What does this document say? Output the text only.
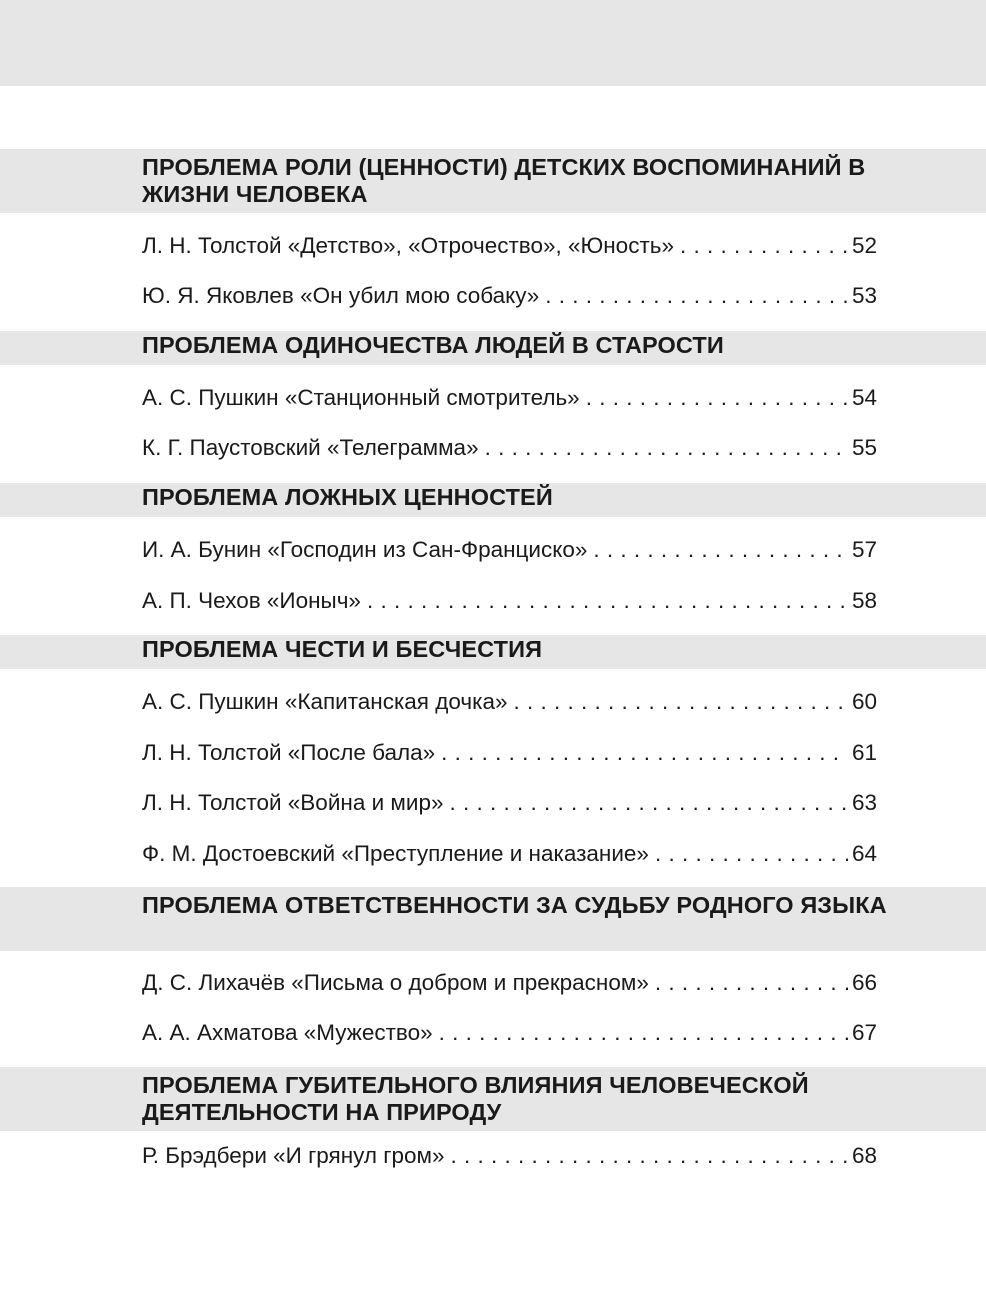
ПРОБЛЕМА РОЛИ (ЦЕННОСТИ) ДЕТСКИХ ВОСПОМИНАНИЙ В ЖИЗНИ ЧЕЛОВЕКА
Л. Н. Толстой «Детство», «Отрочество», «Юность» . . .	52
Ю. Я. Яковлев «Он убил мою собаку» . . .	53
ПРОБЛЕМА ОДИНОЧЕСТВА ЛЮДЕЙ В СТАРОСТИ
А. С. Пушкин «Станционный смотритель» . . .	54
К. Г. Паустовский «Телеграмма» . . .	55
ПРОБЛЕМА ЛОЖНЫХ ЦЕННОСТЕЙ
И. А. Бунин «Господин из Сан-Франциско» . . .	57
А. П. Чехов «Ионыч» . . .	58
ПРОБЛЕМА ЧЕСТИ И БЕСЧЕСТИЯ
А. С. Пушкин «Капитанская дочка» . . .	60
Л. Н. Толстой «После бала» . . .	61
Л. Н. Толстой «Война и мир» . . .	63
Ф. М. Достоевский «Преступление и наказание» . . .	64
ПРОБЛЕМА ОТВЕТСТВЕННОСТИ ЗА СУДЬБУ РОДНОГО ЯЗЫКА
Д. С. Лихачёв «Письма о добром и прекрасном» . . .	66
А. А. Ахматова «Мужество» . . .	67
ПРОБЛЕМА ГУБИТЕЛЬНОГО ВЛИЯНИЯ ЧЕЛОВЕЧЕСКОЙ ДЕЯТЕЛЬНОСТИ НА ПРИРОДУ
Р. Брэдбери «И грянул гром» . . .	68
